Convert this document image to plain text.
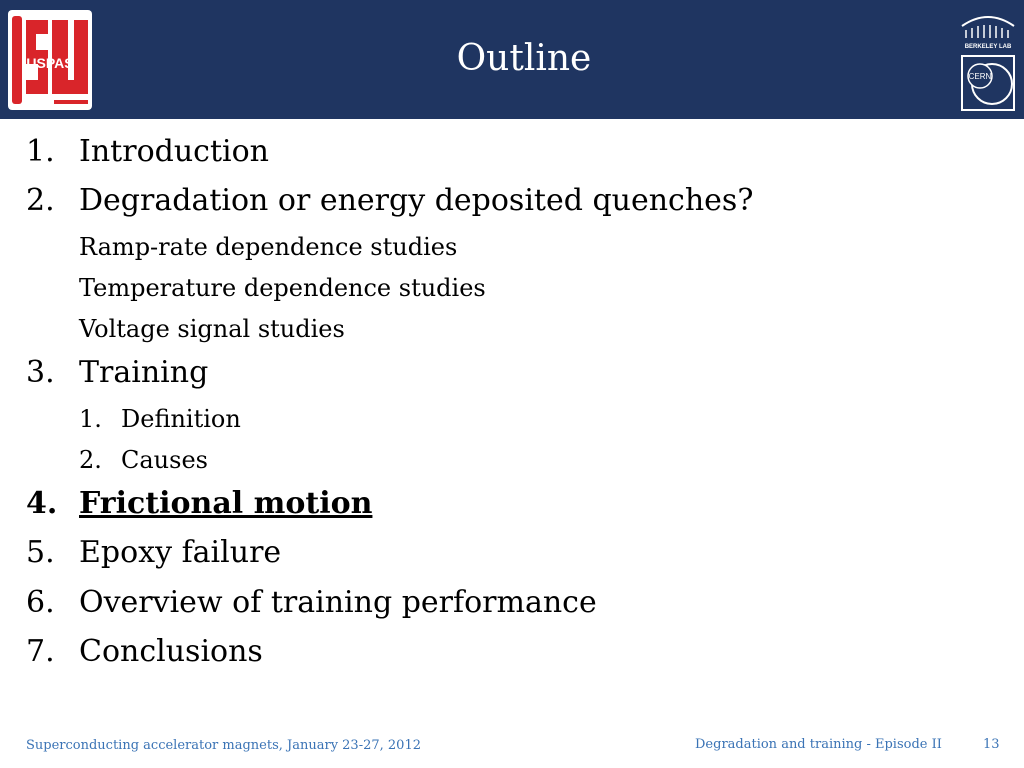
USPAS
BERKELEY LAB
CERN
Outline
1. Introduction
2. Degradation or energy deposited quenches?
Ramp-rate dependence studies
Temperature dependence studies
Voltage signal studies
3. Training
1. Definition
2. Causes
4. Frictional motion
5. Epoxy failure
6. Overview of training performance
7. Conclusions
Superconducting accelerator magnets, January 23-27, 2012	Degradation and training - Episode II	13
